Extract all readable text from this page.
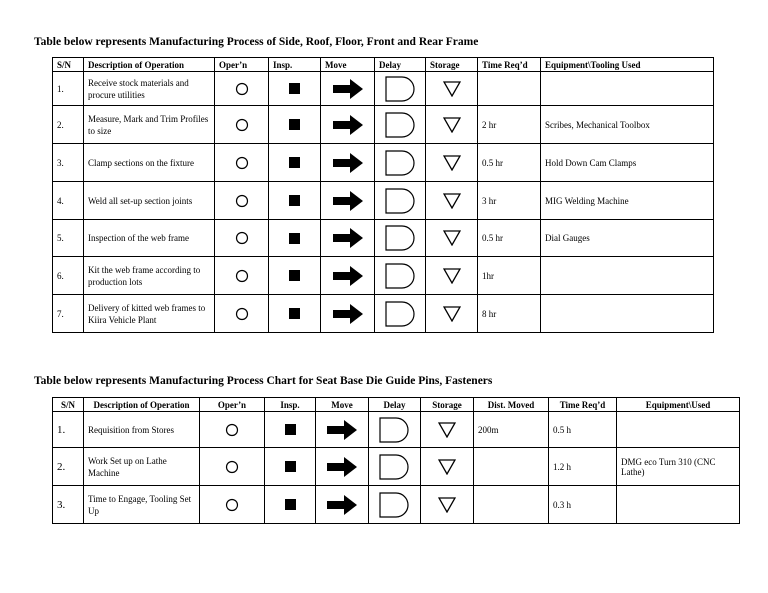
Table below represents Manufacturing Process of Side, Roof, Floor, Front and Rear Frame
S/N	Description of Operation	Oper’n	Insp.	Move	Delay	Storage	Time Req’d	Equipment\Tooling Used
1.	Receive stock materials and procure utilities	

2.	Measure, Mark and Trim Profiles to size						2 hr	Scribes, Mechanical Toolbox
3.	Clamp sections on the fixture						0.5 hr	Hold Down Cam Clamps
4.	Weld all set-up section joints						3 hr	MIG Welding Machine
5.	Inspection of the web frame						0.5 hr	Dial Gauges
6.	Kit the web frame according to production lots						1hr	
7.	Delivery of kitted web frames to Kiira Vehicle Plant						8 hr	
Table below represents Manufacturing Process Chart for Seat Base Die Guide Pins, Fasteners
S/N	Description of Operation	Oper’n	Insp.	Move	Delay	Storage	Dist. Moved	Time Req’d	Equipment\Used
1.	Requisition from Stores						200m	0.5 h	
2.	Work Set up on Lathe Machine							1.2 h	DMG eco Turn 310 (CNC Lathe)
3.	Time to Engage, Tooling Set Up							0.3 h	
